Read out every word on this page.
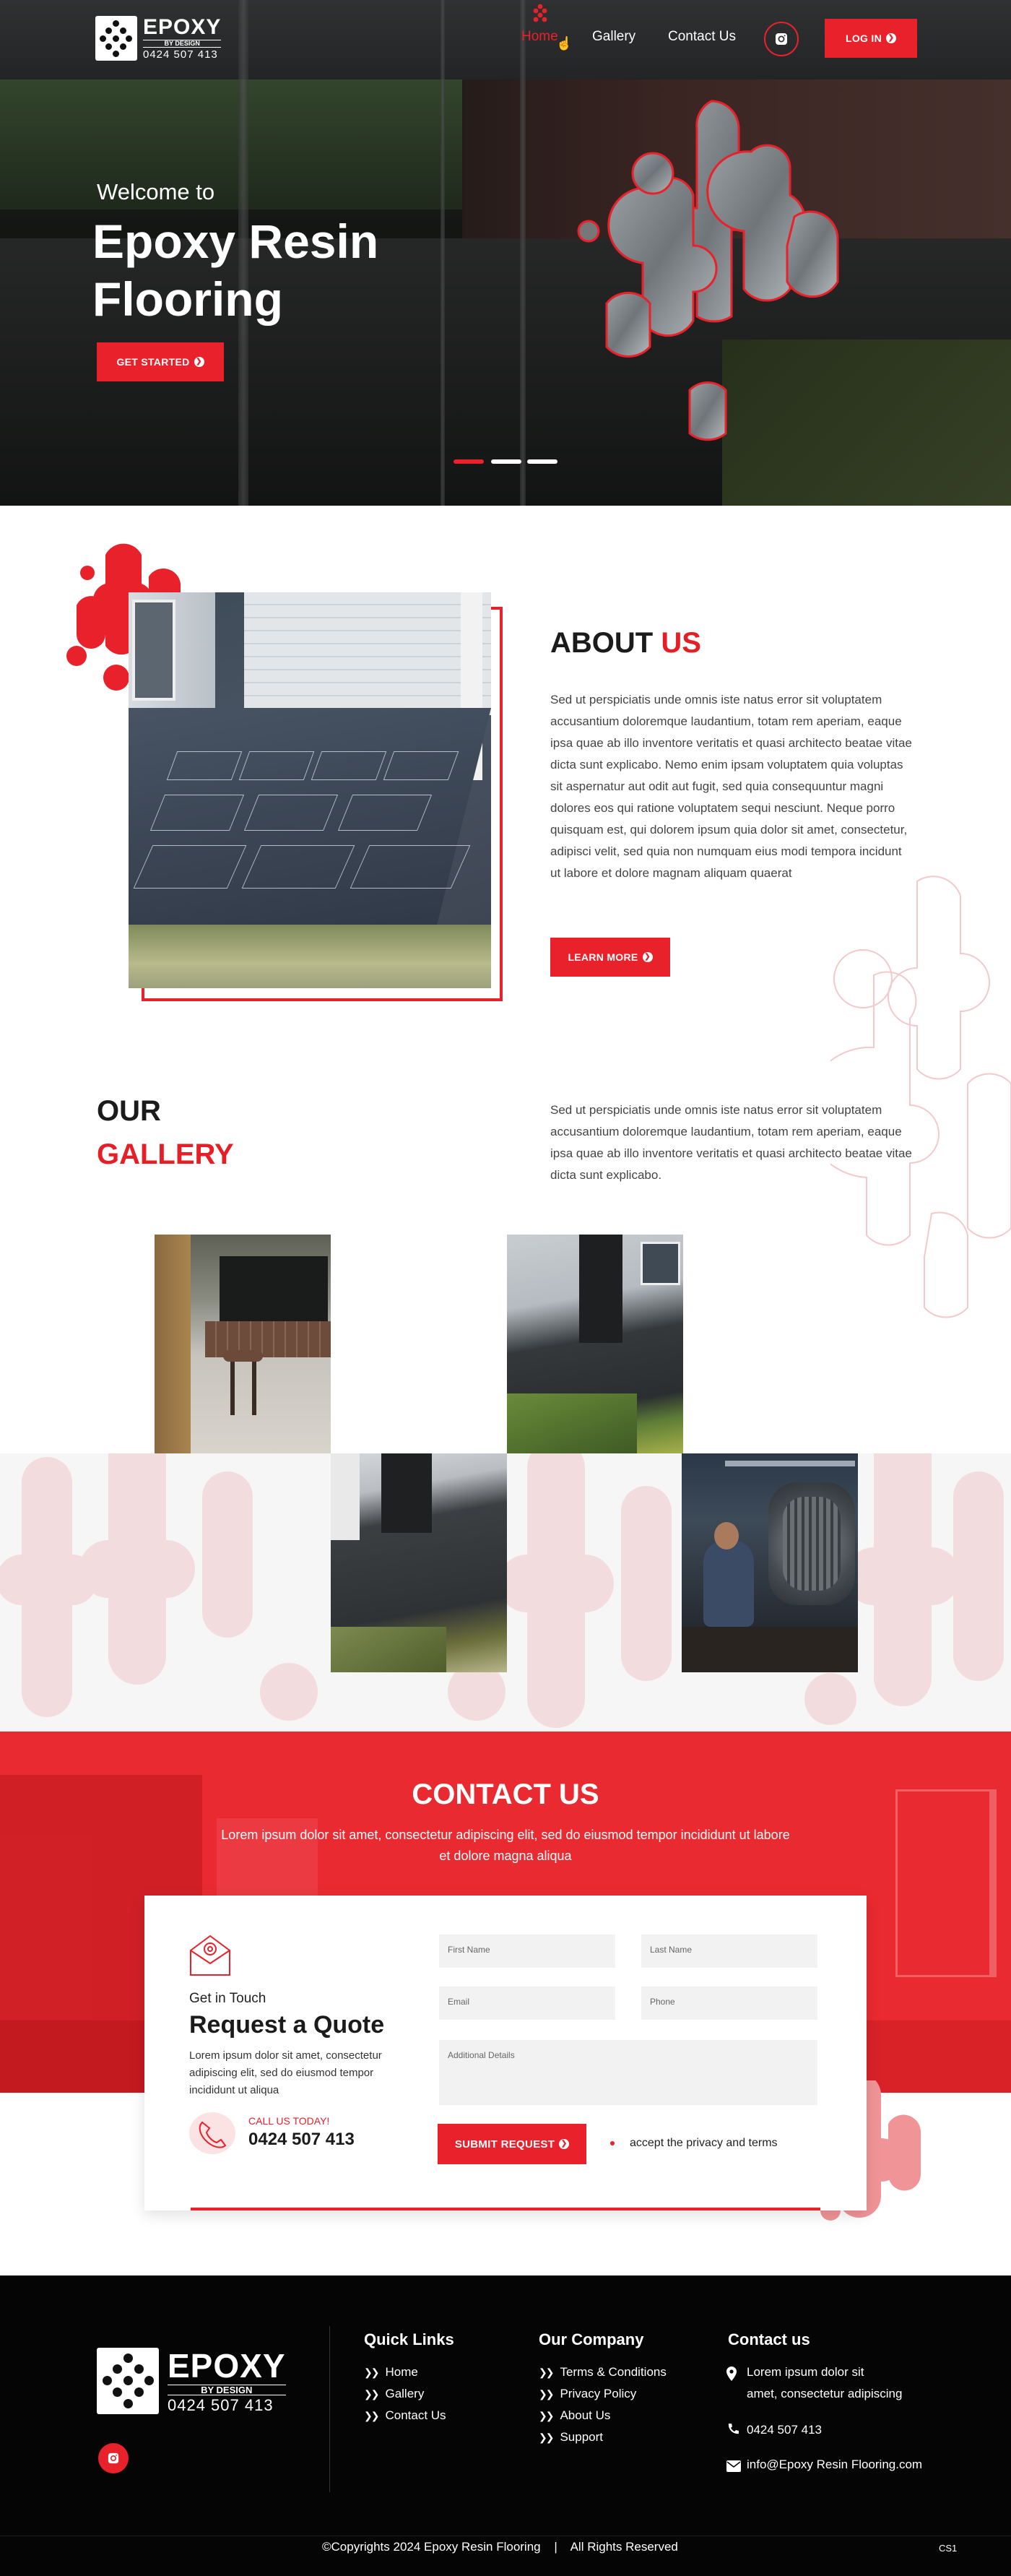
EPOXY
BY DESIGN
0424 507 413
Home
☝ Gallery Contact Us	LOG IN ❯
Welcome to
Epoxy Resin
Flooring
GET STARTED ❯
ABOUT US

Sed ut perspiciatis unde omnis iste natus error sit voluptatem accusantium doloremque laudantium, totam rem aperiam, eaque ipsa quae ab illo inventore veritatis et quasi architecto beatae vitae dicta sunt explicabo. Nemo enim ipsam voluptatem quia voluptas sit aspernatur aut odit aut fugit, sed quia consequuntur magni dolores eos qui ratione voluptatem sequi nesciunt. Neque porro quisquam est, qui dolorem ipsum quia dolor sit amet, consectetur, adipisci velit, sed quia non numquam eius modi tempora incidunt ut labore et dolore magnam aliquam quaerat

LEARN MORE ❯
OUR
GALLERY

Sed ut perspiciatis unde omnis iste natus error sit voluptatem accusantium doloremque laudantium, totam rem aperiam, eaque ipsa quae ab illo inventore veritatis et quasi architecto beatae vitae dicta sunt explicabo.

CONTACT US

Lorem ipsum dolor sit amet, consectetur adipiscing elit, sed do eiusmod tempor incididunt ut labore et dolore magna aliqua

Get in Touch
Request a Quote

Lorem ipsum dolor sit amet, consectetur adipiscing elit, sed do eiusmod tempor incididunt ut aliqua

CALL US TODAY!
0424 507 413
First Name	Last Name
Email	Phone
Additional Details
SUBMIT REQUEST ❯	accept the privacy and terms
EPOXY
BY DESIGN
0424 507 413
Quick Links
❯❯ Home
❯❯ Gallery
❯❯ Contact Us
Our Company
❯❯ Terms & Conditions
❯❯ Privacy Policy
❯❯ About Us
❯❯ Support
Contact us
Lorem ipsum dolor sit
amet, consectetur adipiscing
0424 507 413
info@Epoxy Resin Flooring.com
©Copyrights 2024 Epoxy Resin Flooring | All Rights Reserved	CS1
